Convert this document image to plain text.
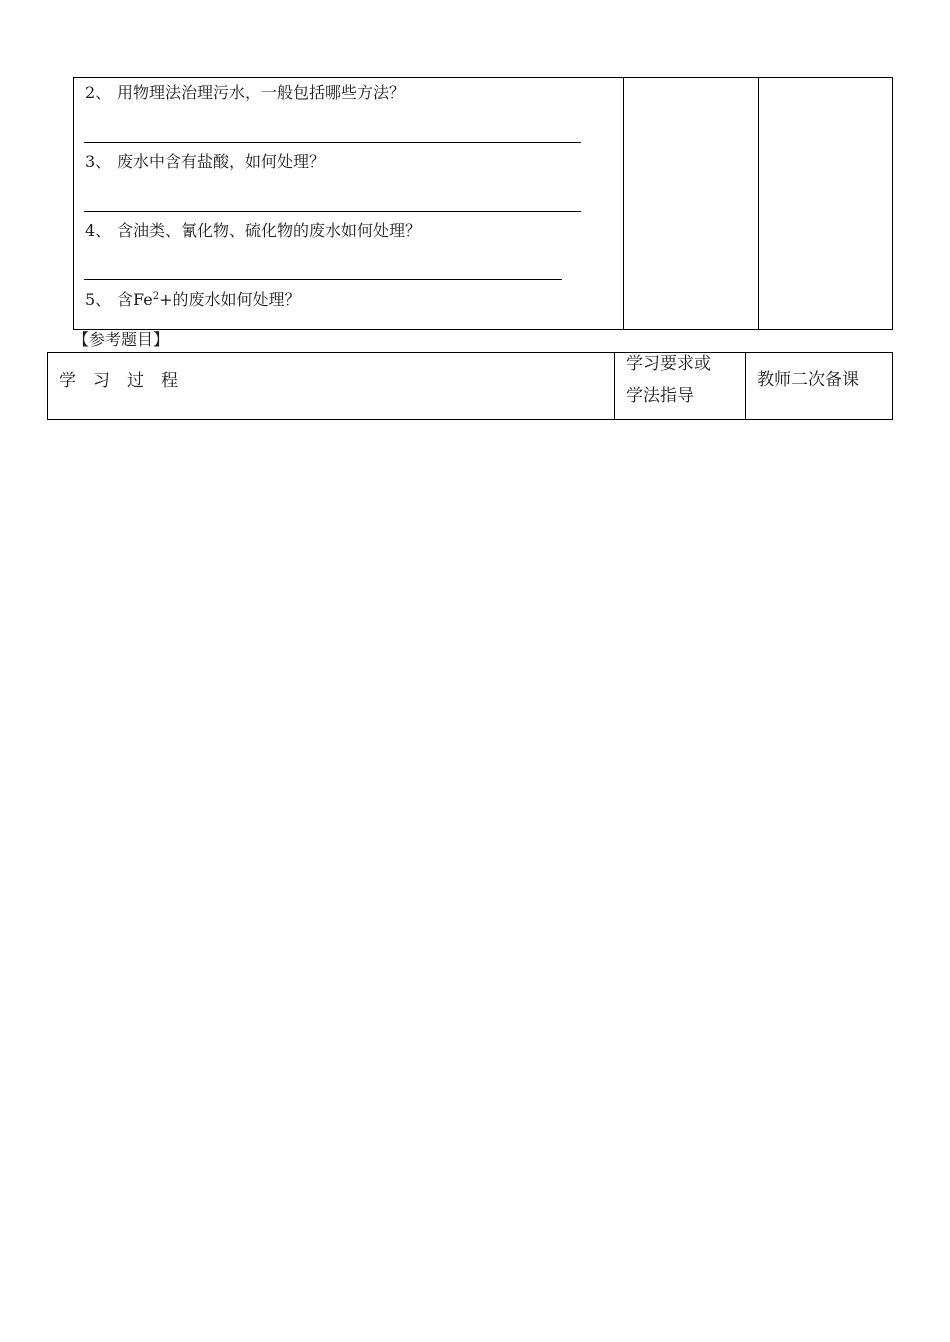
2、 用物理法治理污水，一般包括哪些方法？
3、 废水中含有盐酸，如何处理？
4、 含油类、氰化物、硫化物的废水如何处理？
5、 含$Fe^2+$的废水如何处理？
【参考题目】
学　习　过　程
学习要求或
学法指导
教师二次备课
